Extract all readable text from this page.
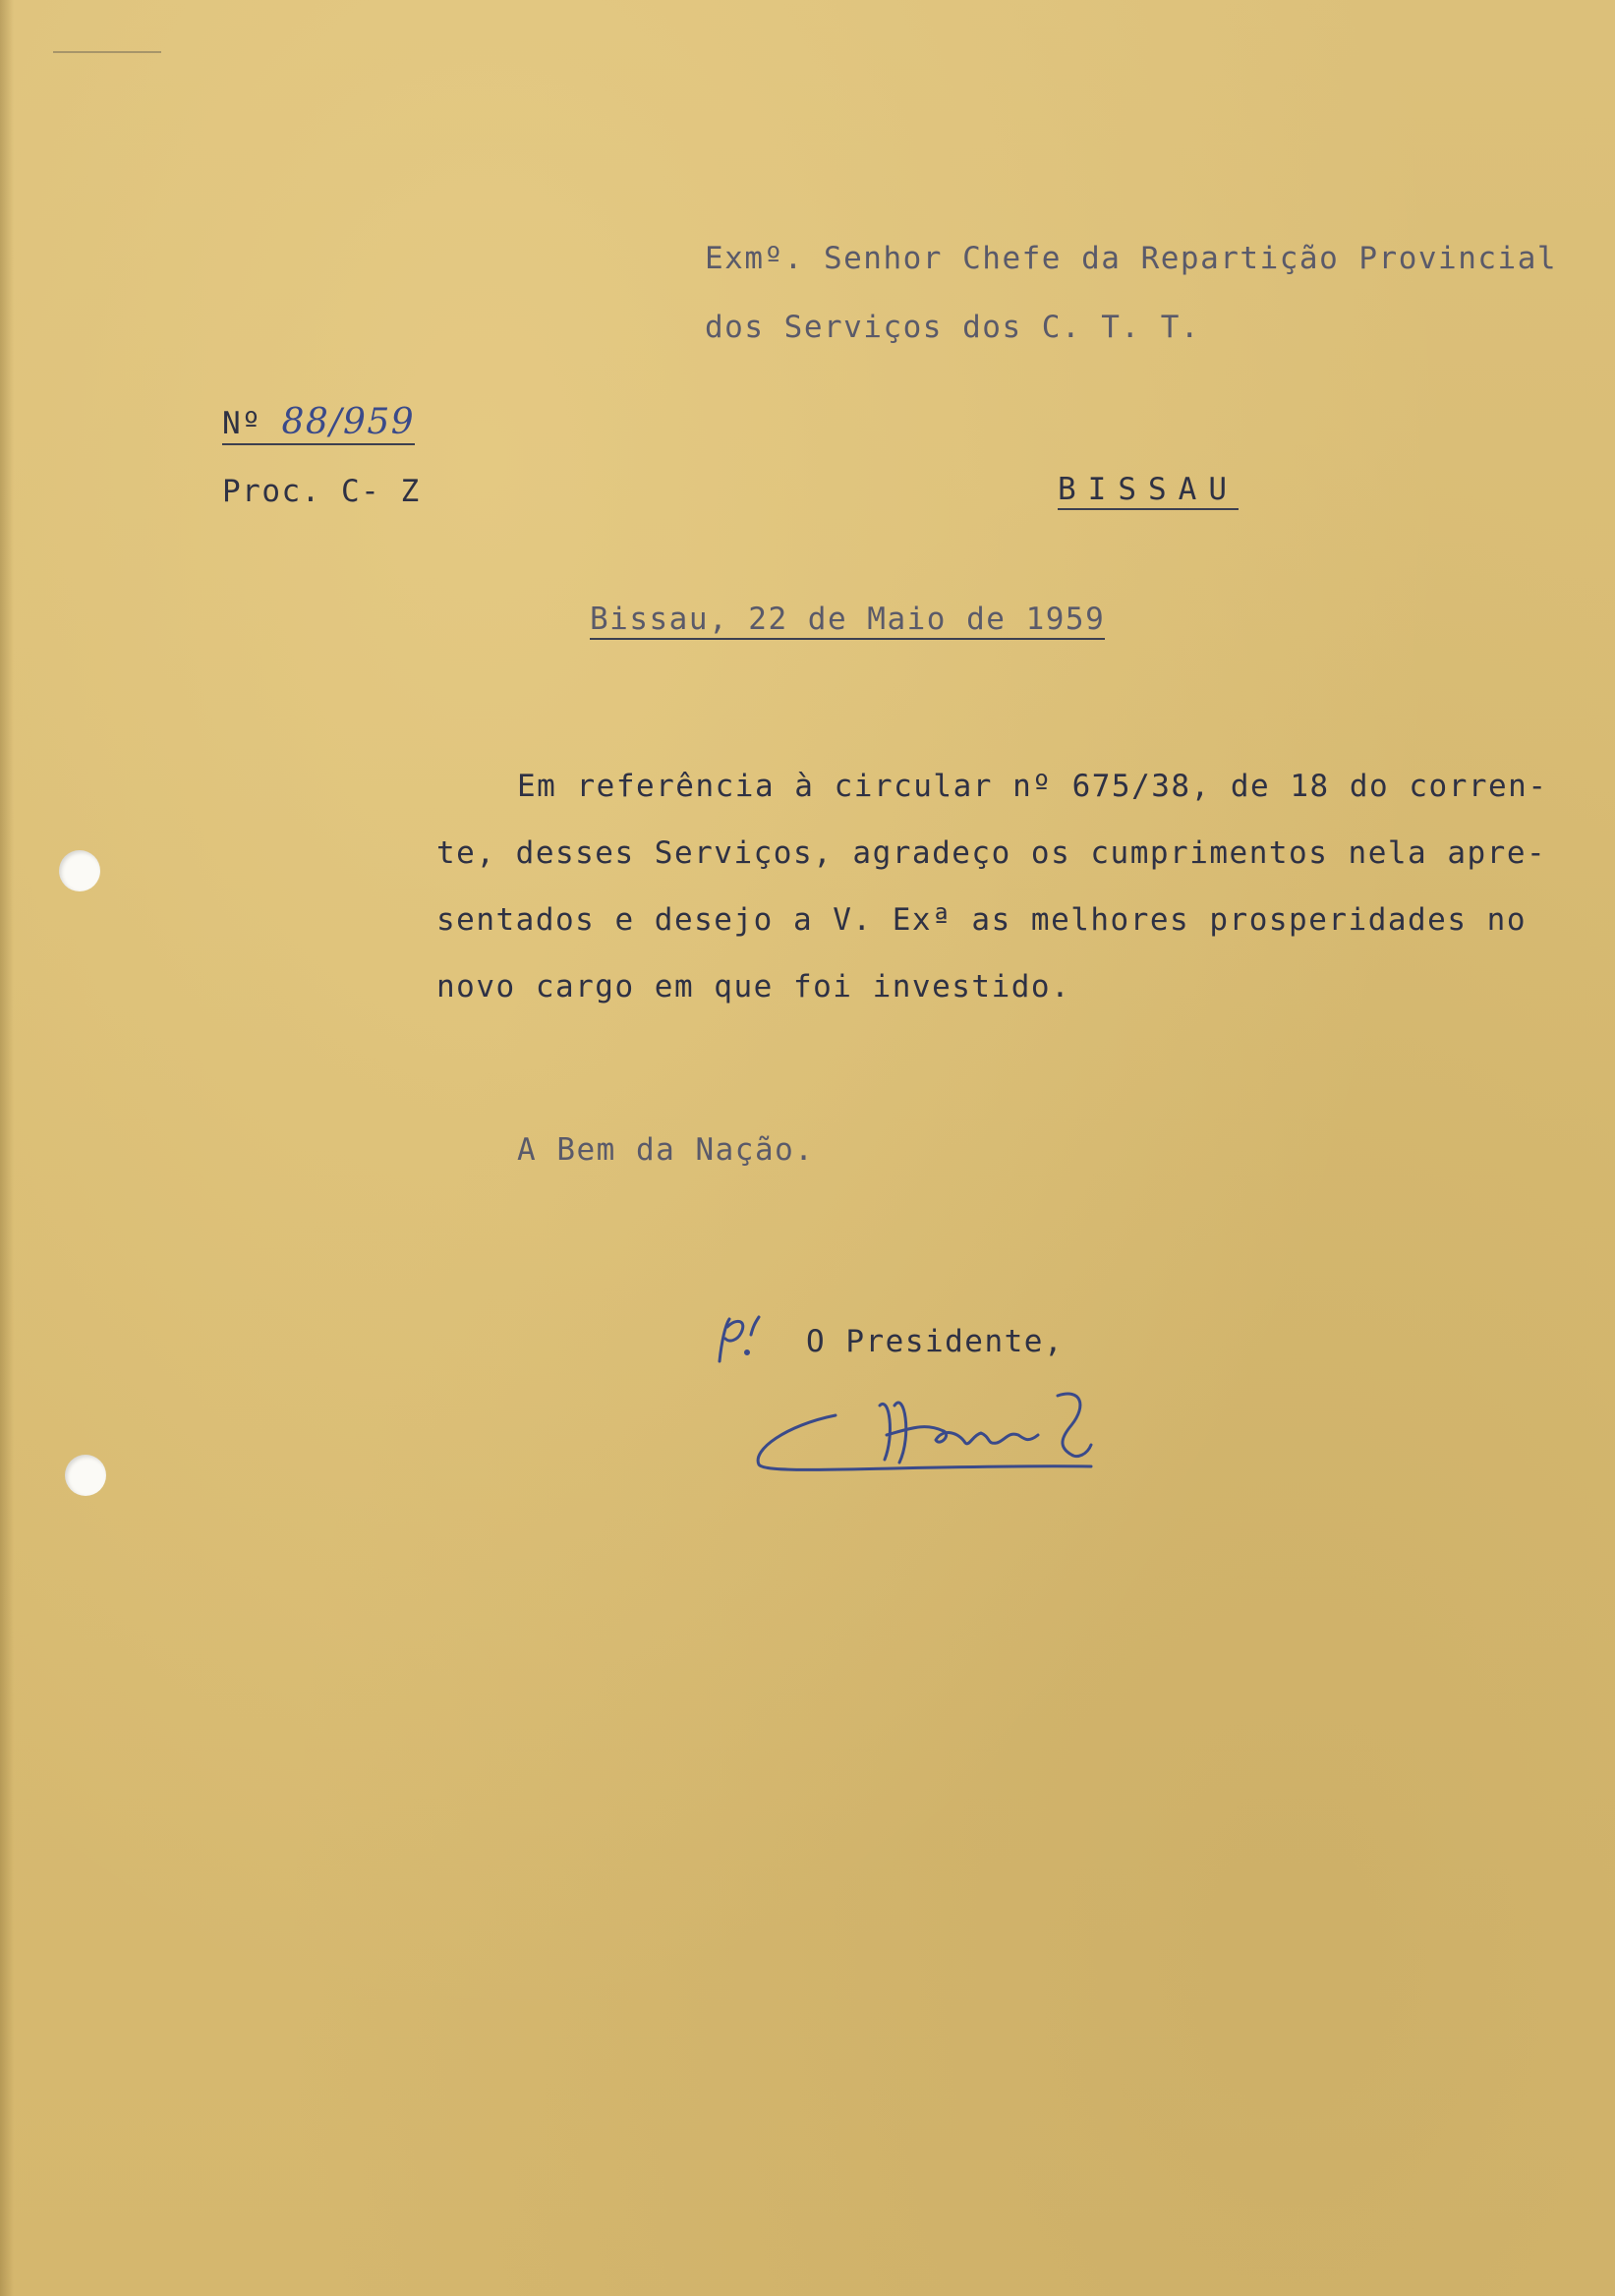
Exmº. Senhor Chefe da Repartição Provincial
dos Serviços dos C. T. T.
Nº 88/959
Proc. C- Z	BISSAU
Bissau, 22 de Maio de 1959
Em referência à circular nº 675/38, de 18 do corren-
te, desses Serviços, agradeço os cumprimentos nela apre-
sentados e desejo a V. Exª as melhores prosperidades no
novo cargo em que foi investido.
A Bem da Nação.
O Presidente,
